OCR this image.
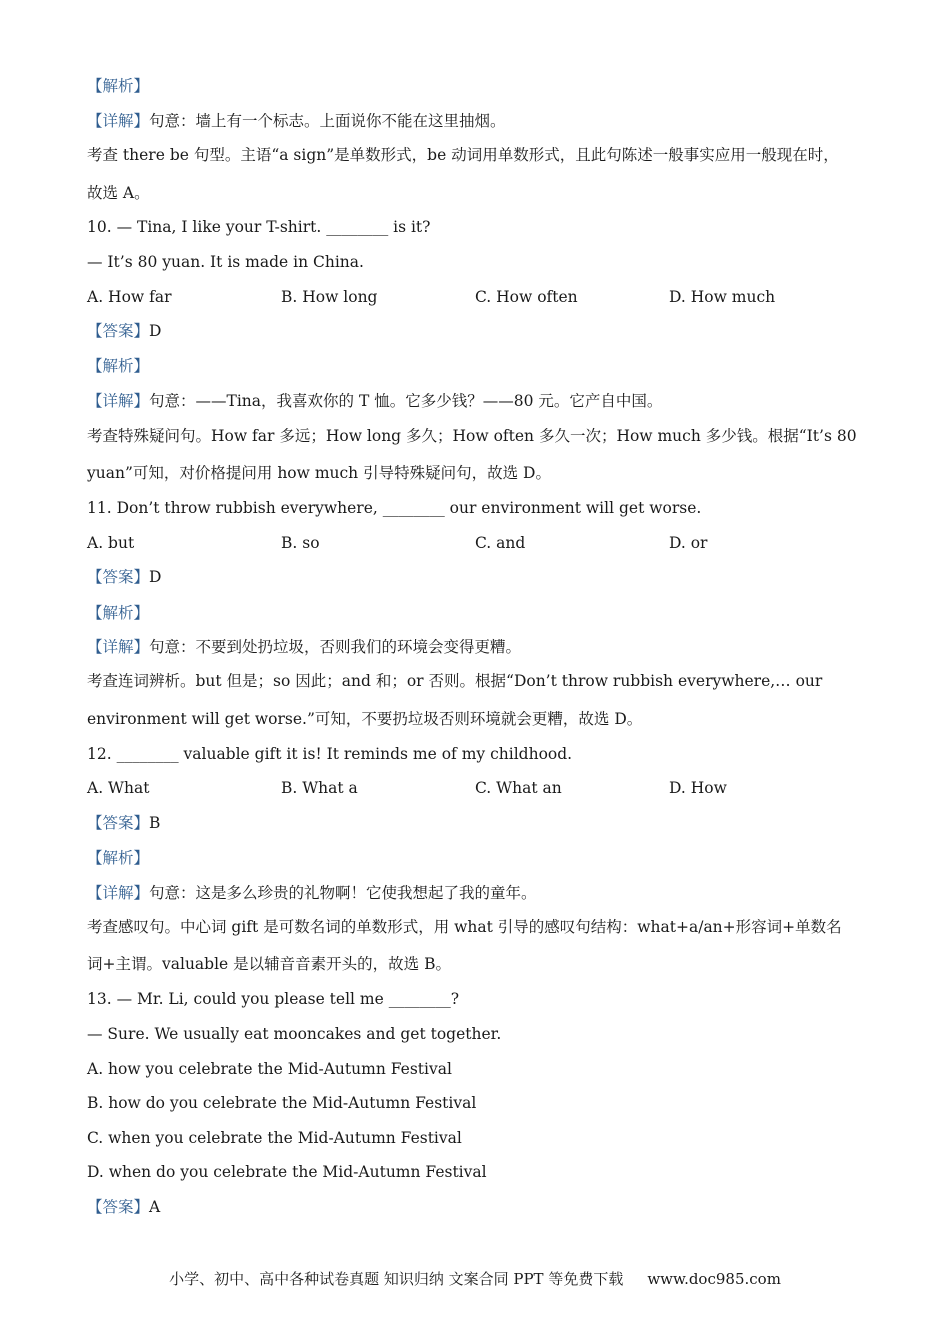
【解析】
【详解】句意：墙上有一个标志。上面说你不能在这里抽烟。
考查 there be 句型。主语“a sign”是单数形式，be 动词用单数形式，且此句陈述一般事实应用一般现在时，
故选 A。
10. — Tina, I like your T-shirt. ________ is it?
— It’s 80 yuan. It is made in China.
A. How far	B. How long	C. How often	D. How much
【答案】D
【解析】
【详解】句意：——Tina，我喜欢你的 T 恤。它多少钱？——80 元。它产自中国。
考查特殊疑问句。How far 多远；How long 多久；How often 多久一次；How much 多少钱。根据“It’s 80
yuan”可知，对价格提问用 how much 引导特殊疑问句，故选 D。
11. Don’t throw rubbish everywhere, ________ our environment will get worse.
A. but	B. so	C. and	D. or
【答案】D
【解析】
【详解】句意：不要到处扔垃圾，否则我们的环境会变得更糟。
考查连词辨析。but 但是；so 因此；and 和；or 否则。根据“Don’t throw rubbish everywhere,… our
environment will get worse.”可知，不要扔垃圾否则环境就会更糟，故选 D。
12. ________ valuable gift it is! It reminds me of my childhood.
A. What	B. What a	C. What an	D. How
【答案】B
【解析】
【详解】句意：这是多么珍贵的礼物啊！它使我想起了我的童年。
考查感叹句。中心词 gift 是可数名词的单数形式，用 what 引导的感叹句结构：what+a/an+形容词+单数名
词+主谓。valuable 是以辅音音素开头的，故选 B。
13. — Mr. Li, could you please tell me ________?
— Sure. We usually eat mooncakes and get together.
A. how you celebrate the Mid-Autumn Festival
B. how do you celebrate the Mid-Autumn Festival
C. when you celebrate the Mid-Autumn Festival
D. when do you celebrate the Mid-Autumn Festival
【答案】A
小学、初中、高中各种试卷真题 知识归纳 文案合同 PPT 等免费下载 www.doc985.com
